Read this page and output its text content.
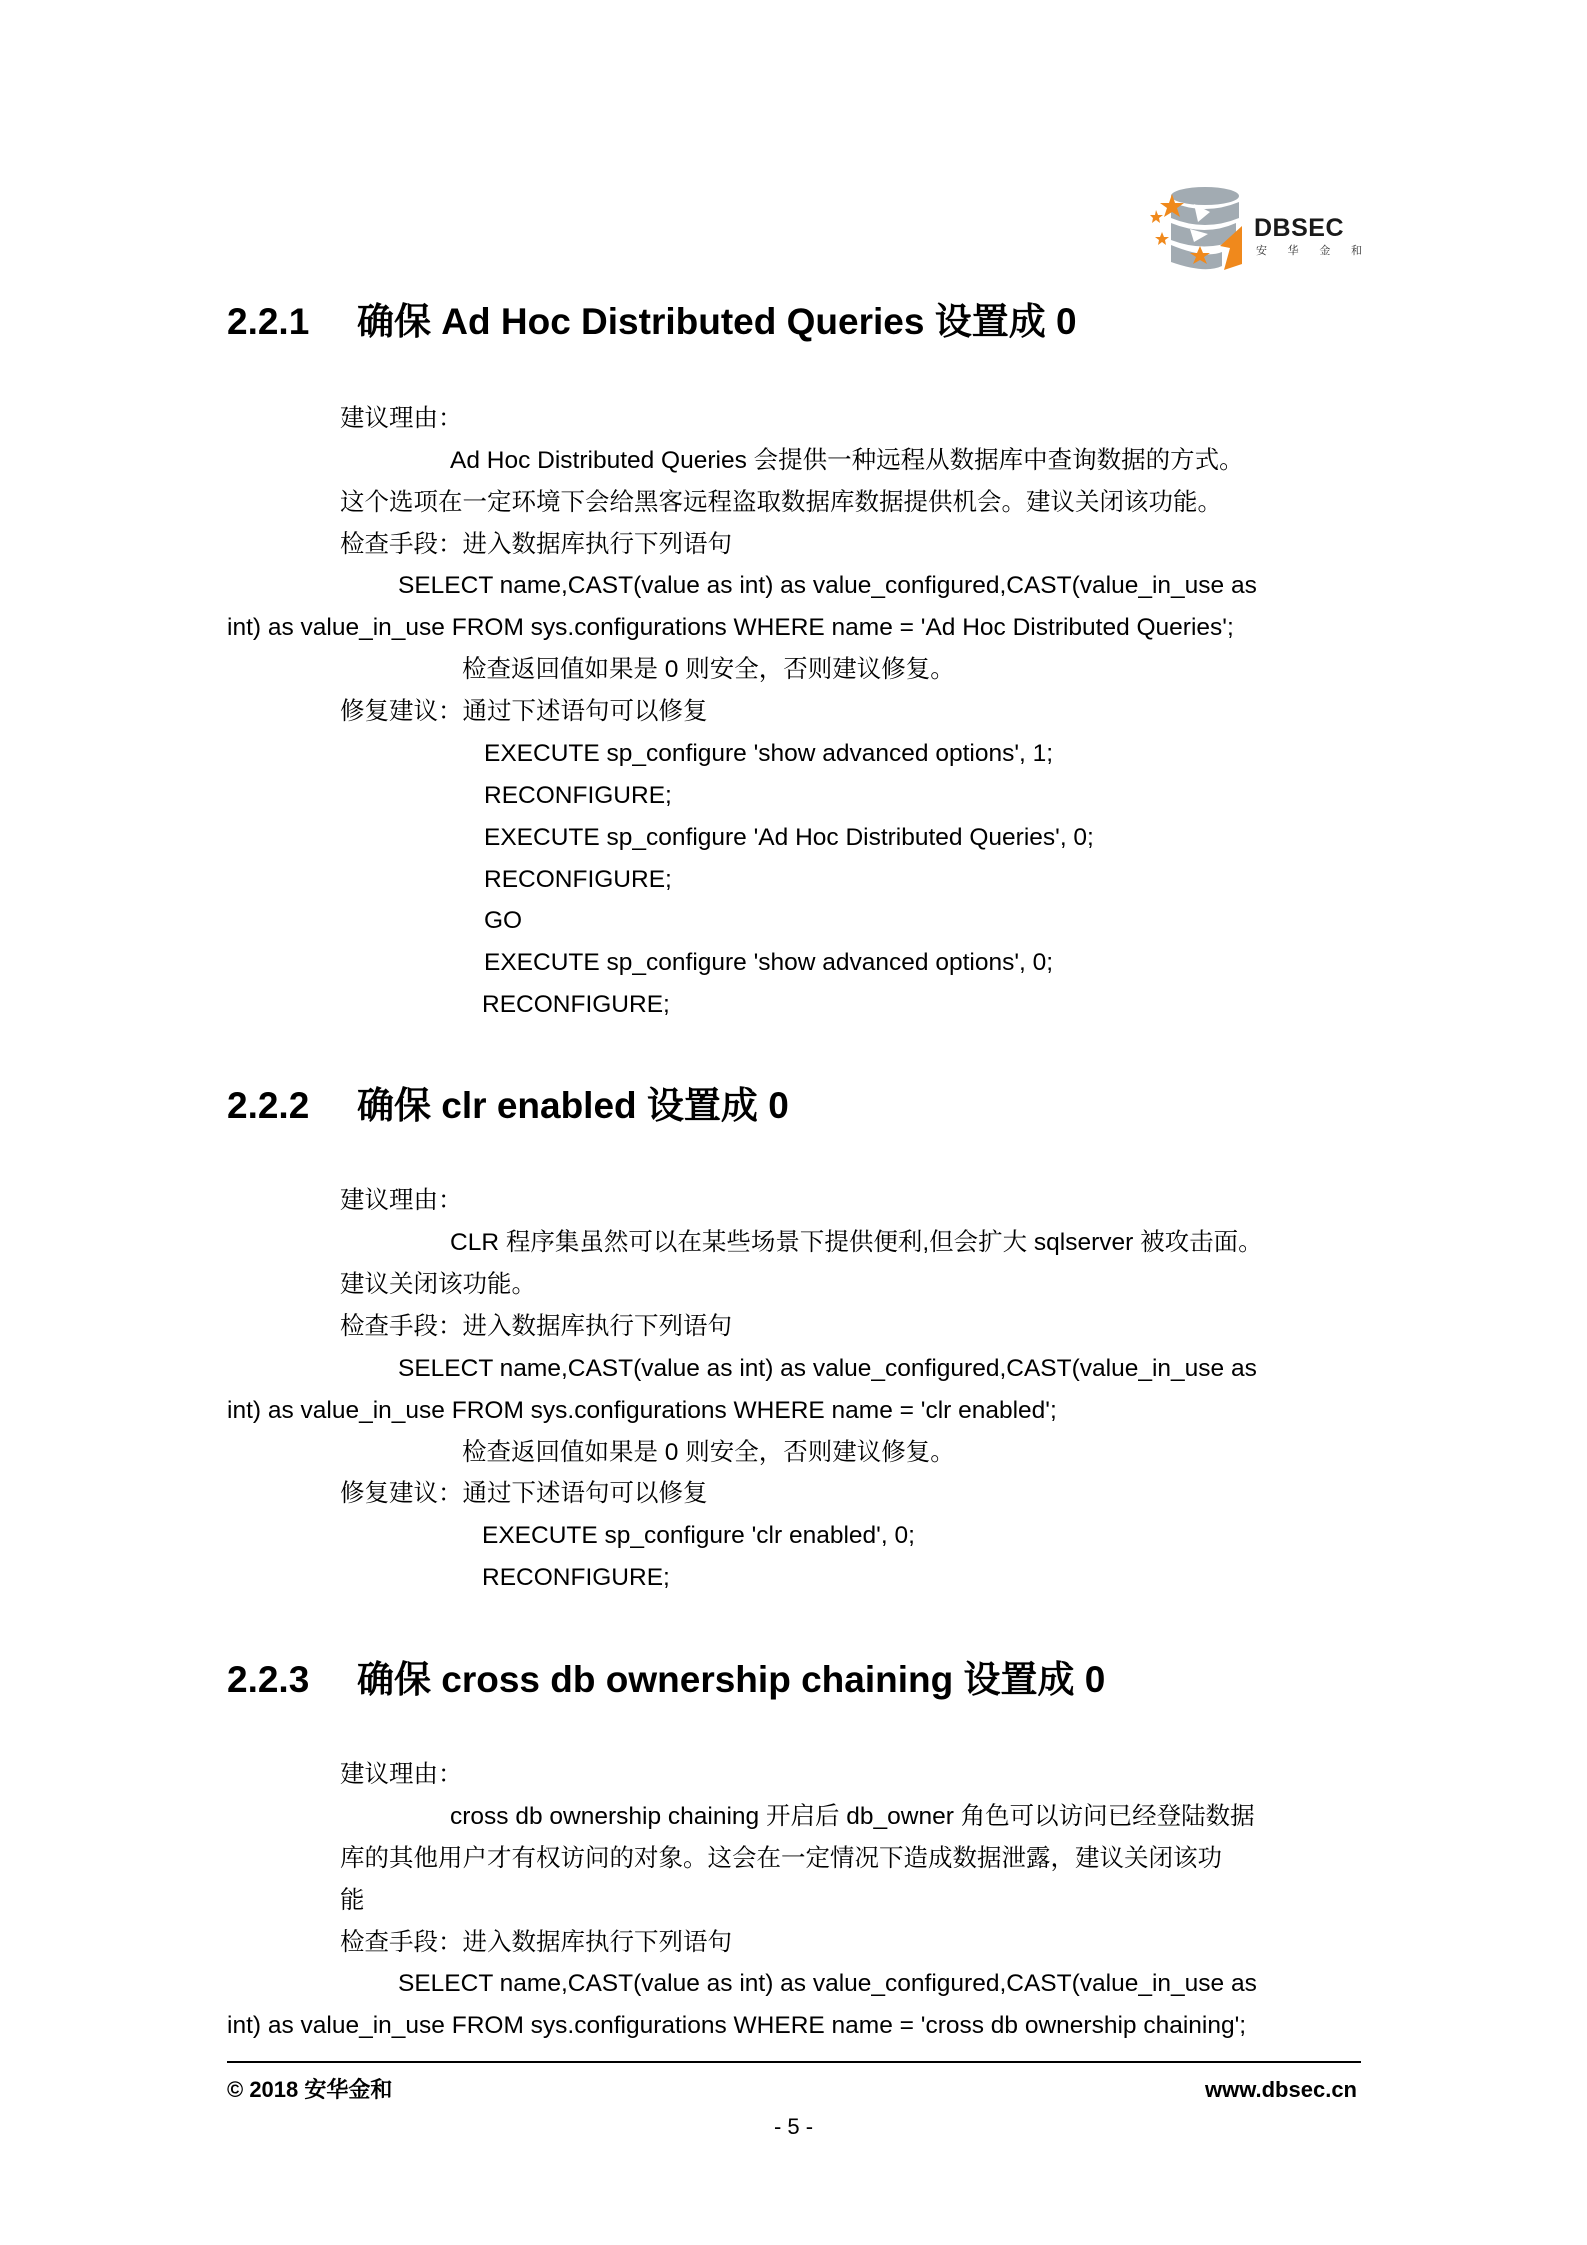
DBSEC
安 华 金 和
2.2.1 确保 Ad Hoc Distributed Queries 设置成 0
2.2.2 确保 clr enabled 设置成 0
2.2.3 确保 cross db ownership chaining 设置成 0
© 2018 安华金和	www.dbsec.cn
- 5 -
建议理由：
Ad Hoc Distributed Queries 会提供一种远程从数据库中查询数据的方式。
这个选项在一定环境下会给黑客远程盗取数据库数据提供机会。建议关闭该功能。
检查手段：进入数据库执行下列语句
SELECT name,CAST(value as int) as value_configured,CAST(value_in_use as
int) as value_in_use FROM sys.configurations WHERE name = 'Ad Hoc Distributed Queries';
检查返回值如果是 0 则安全，否则建议修复。
修复建议：通过下述语句可以修复
EXECUTE sp_configure 'show advanced options', 1;
RECONFIGURE;
EXECUTE sp_configure 'Ad Hoc Distributed Queries', 0;
RECONFIGURE;
GO
EXECUTE sp_configure 'show advanced options', 0;
RECONFIGURE;
建议理由：
CLR 程序集虽然可以在某些场景下提供便利,但会扩大 sqlserver 被攻击面。
建议关闭该功能。
检查手段：进入数据库执行下列语句
SELECT name,CAST(value as int) as value_configured,CAST(value_in_use as
int) as value_in_use FROM sys.configurations WHERE name = 'clr enabled';
检查返回值如果是 0 则安全，否则建议修复。
修复建议：通过下述语句可以修复
EXECUTE sp_configure 'clr enabled', 0;
RECONFIGURE;
建议理由：
cross db ownership chaining 开启后 db_owner 角色可以访问已经登陆数据
库的其他用户才有权访问的对象。这会在一定情况下造成数据泄露，建议关闭该功
能
检查手段：进入数据库执行下列语句
SELECT name,CAST(value as int) as value_configured,CAST(value_in_use as
int) as value_in_use FROM sys.configurations WHERE name = 'cross db ownership chaining';
